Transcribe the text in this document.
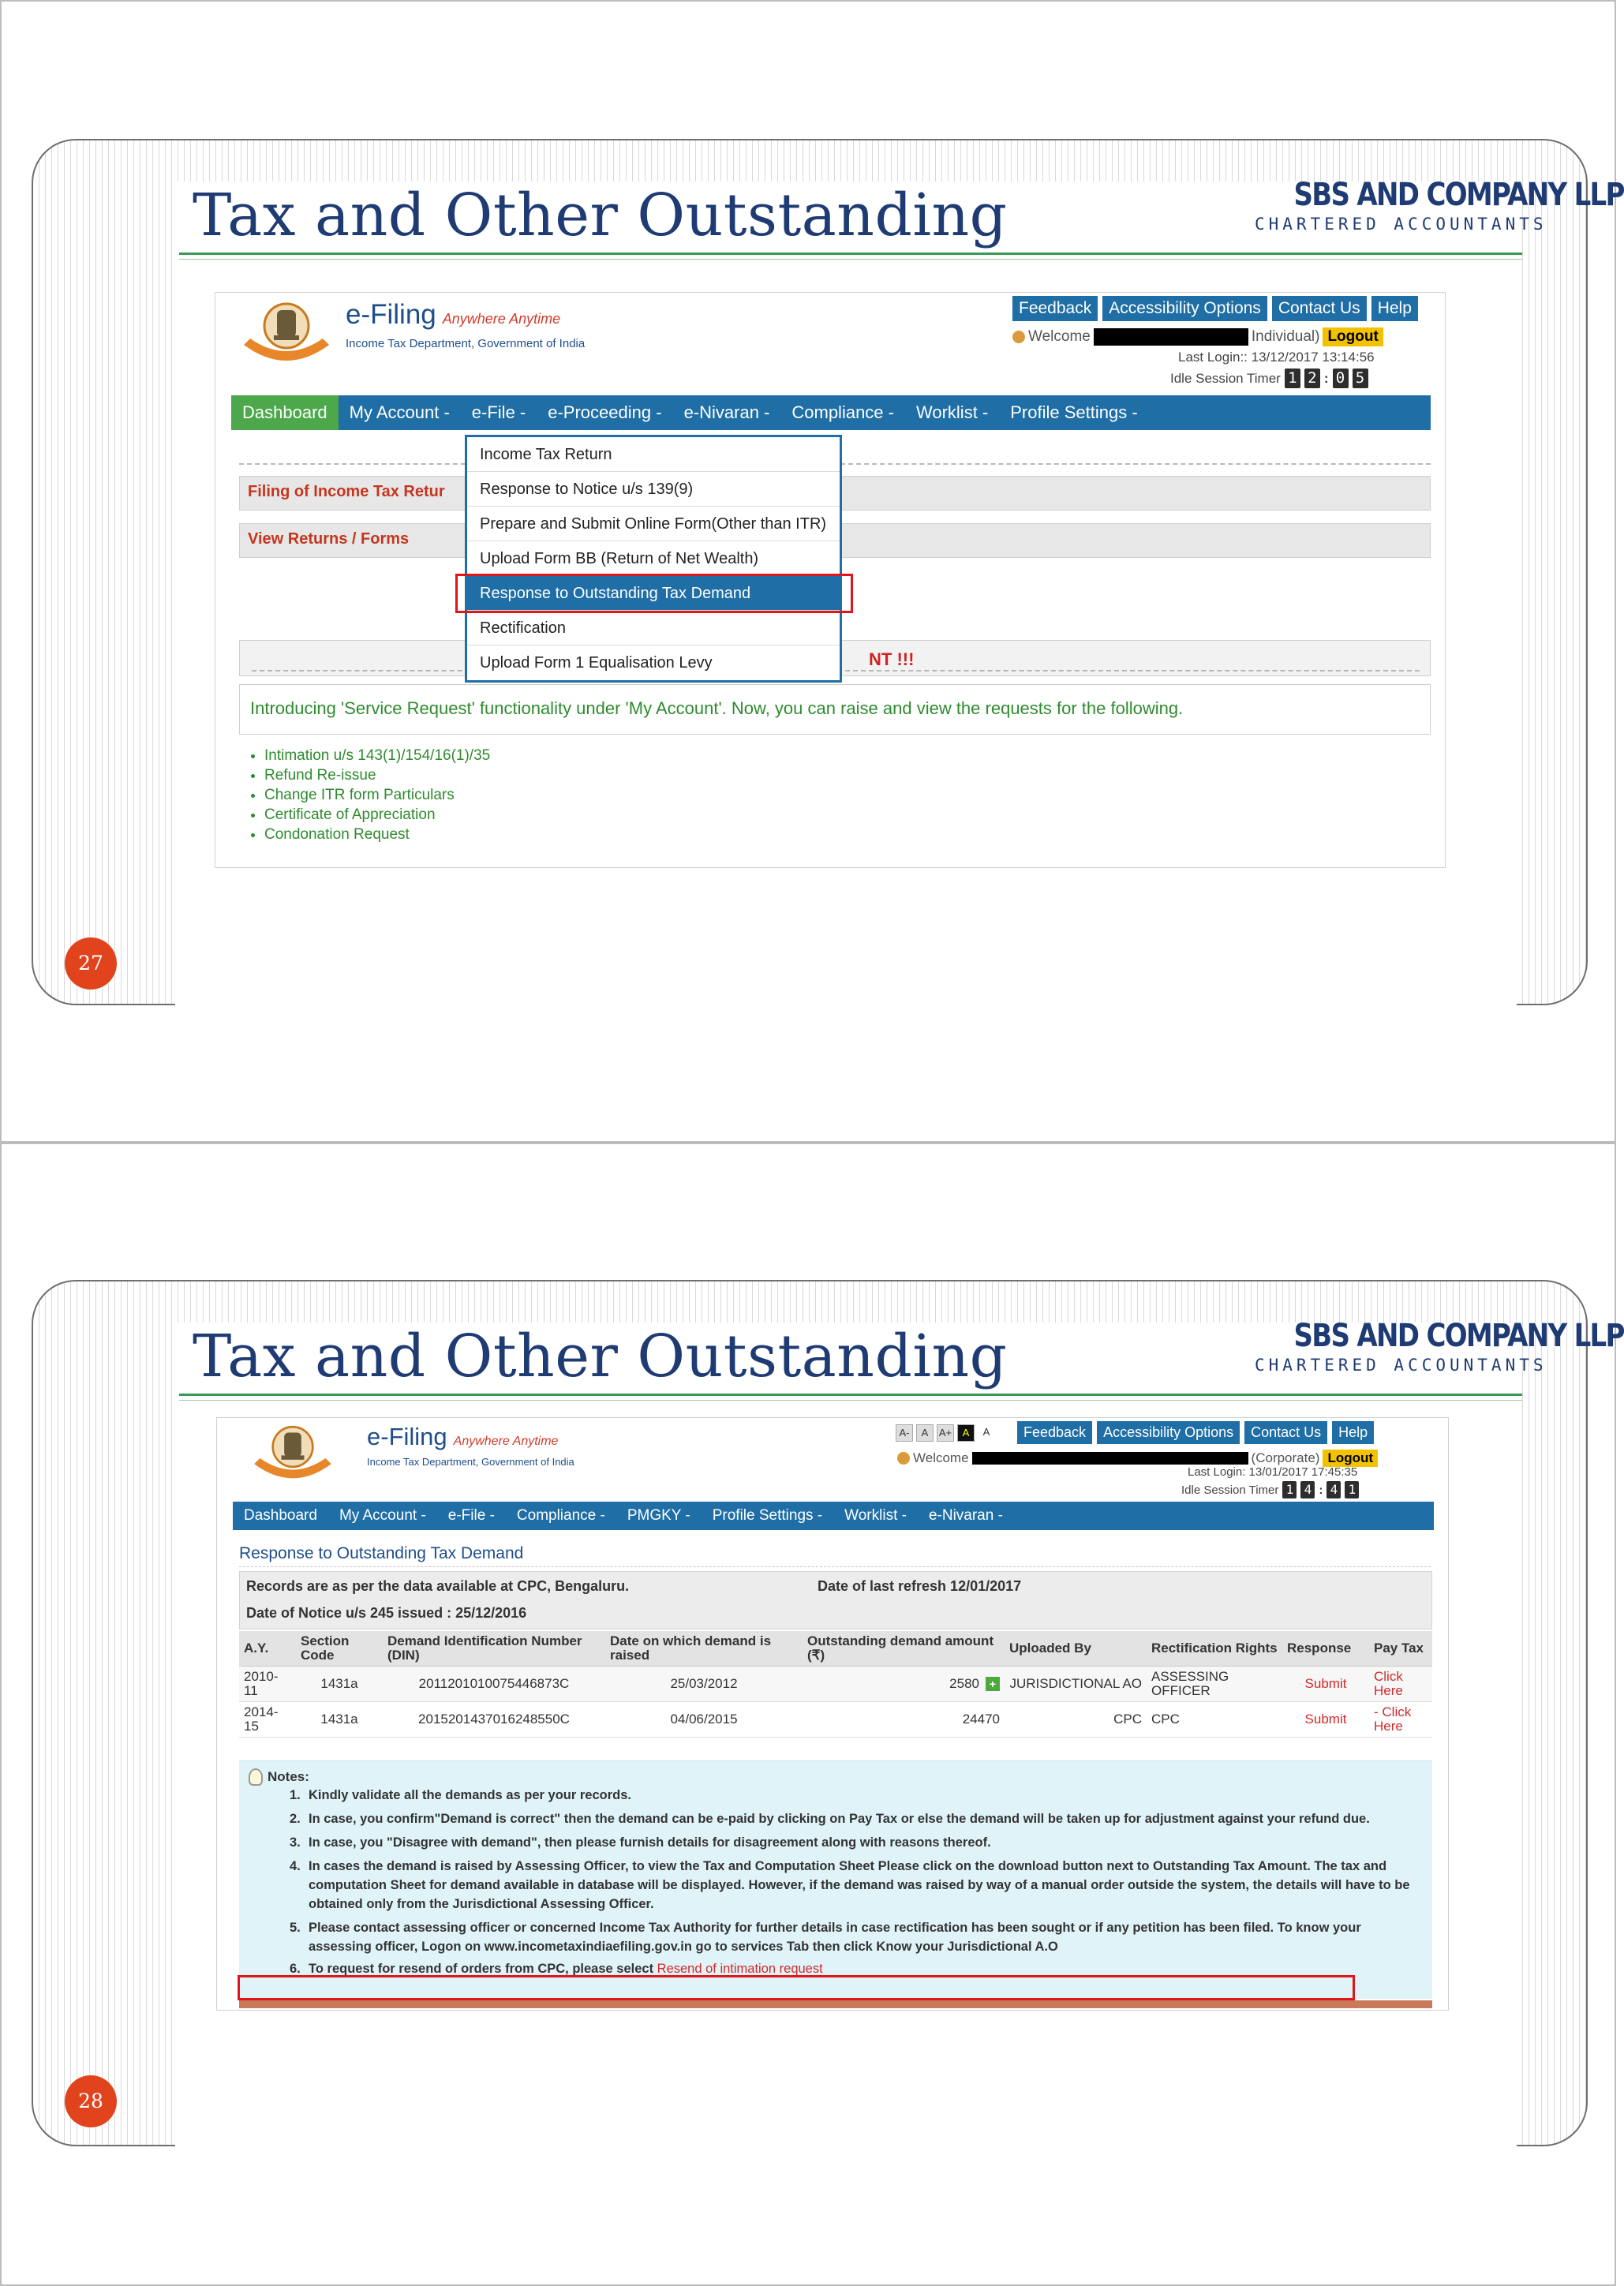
Tax and Other Outstanding	SBS AND COMPANY LLP
CHARTERED ACCOUNTANTS
e-Filing Anywhere Anytime
Income Tax Department, Government of India
Feedback	Accessibility Options	Contact Us	Help
Welcome	Individual) Logout
Last Login:: 13/12/2017 13:14:56
Idle Session Timer 1 2 : 0 5
Dashboard	My Account -	e-File -	e-Proceeding -	e-Nivaran -	Compliance -	Worklist -	Profile Settings -
Filing of Income Tax Retur
View Returns / Forms
NT !!!
Introducing 'Service Request' functionality under 'My Account'. Now, you can raise and view the requests for the following.
• Intimation u/s 143(1)/154/16(1)/35
• Refund Re-issue
• Change ITR form Particulars
• Certificate of Appreciation
• Condonation Request
Income Tax Return
Response to Notice u/s 139(9)
Prepare and Submit Online Form(Other than ITR)
Upload Form BB (Return of Net Wealth)
Response to Outstanding Tax Demand
Rectification
Upload Form 1 Equalisation Levy
27
Tax and Other Outstanding	SBS AND COMPANY LLP
CHARTERED ACCOUNTANTS
e-Filing Anywhere Anytime
Income Tax Department, Government of India
A-	A	A+	A	A	Feedback	Accessibility Options	Contact Us	Help
Welcome	(Corporate) Logout
Last Login: 13/01/2017 17:45:35
Idle Session Timer 1 4 : 4 1
Dashboard	My Account -	e-File -	Compliance -	PMGKY -	Profile Settings -	Worklist -	e-Nivaran -
Response to Outstanding Tax Demand
Records are as per the data available at CPC, Bengaluru.	Date of last refresh 12/01/2017
Date of Notice u/s 245 issued : 25/12/2016
A.Y.	Section Code	Demand Identification Number (DIN)	Date on which demand is raised	Outstanding demand amount (₹)	Uploaded By	Rectification Rights	Response	Pay Tax
2010-11	1431a	2011201010075446873C	25/03/2012	2580 +	JURISDICTIONAL AO	ASSESSING OFFICER	Submit	Click Here
2014-15	1431a	2015201437016248550C	04/06/2015	24470	CPC	CPC	Submit	- Click Here
Notes:
1. Kindly validate all the demands as per your records.
2. In case, you confirm"Demand is correct" then the demand can be e-paid by clicking on Pay Tax or else the demand will be taken up for adjustment against your refund due.
3. In case, you "Disagree with demand", then please furnish details for disagreement along with reasons thereof.
4. In cases the demand is raised by Assessing Officer, to view the Tax and Computation Sheet Please click on the download button next to Outstanding Tax Amount. The tax and computation Sheet for demand available in database will be displayed. However, if the demand was raised by way of a manual order outside the system, the details will have to be obtained only from the Jurisdictional Assessing Officer.
5. Please contact assessing officer or concerned Income Tax Authority for further details in case rectification has been sought or if any petition has been filed. To know your assessing officer, Logon on www.incometaxindiaefiling.gov.in go to services Tab then click Know your Jurisdictional A.O
6. To request for resend of orders from CPC, please select Resend of intimation request
28
